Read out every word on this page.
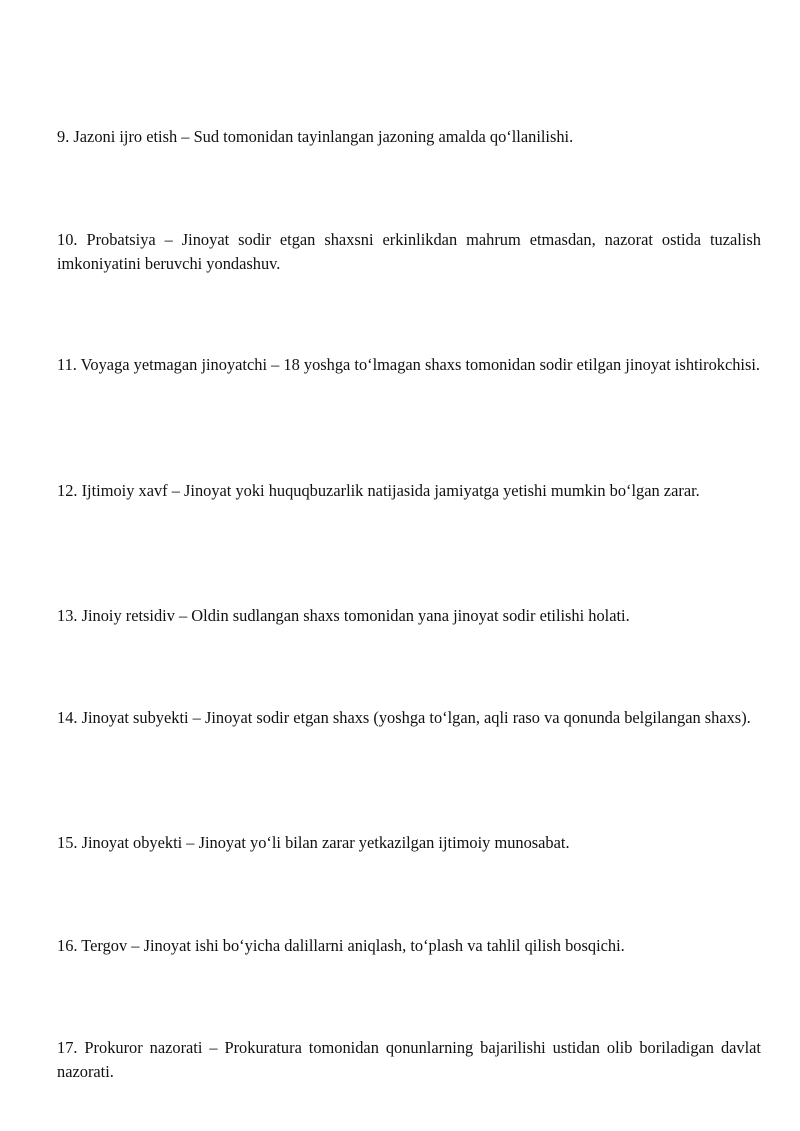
9. Jazoni ijro etish – Sud tomonidan tayinlangan jazoning amalda qo‘llanilishi.

10. Probatsiya – Jinoyat sodir etgan shaxsni erkinlikdan mahrum etmasdan, nazorat ostida tuzalish imkoniyatini beruvchi yondashuv.

11. Voyaga yetmagan jinoyatchi – 18 yoshga to‘lmagan shaxs tomonidan sodir etilgan jinoyat ishtirokchisi.

12. Ijtimoiy xavf – Jinoyat yoki huquqbuzarlik natijasida jamiyatga yetishi mumkin bo‘lgan zarar.

13. Jinoiy retsidiv – Oldin sudlangan shaxs tomonidan yana jinoyat sodir etilishi holati.

14. Jinoyat subyekti – Jinoyat sodir etgan shaxs (yoshga to‘lgan, aqli raso va qonunda belgilangan shaxs).

15. Jinoyat obyekti – Jinoyat yo‘li bilan zarar yetkazilgan ijtimoiy munosabat.

16. Tergov – Jinoyat ishi bo‘yicha dalillarni aniqlash, to‘plash va tahlil qilish bosqichi.

17. Prokuror nazorati – Prokuratura tomonidan qonunlarning bajarilishi ustidan olib boriladigan davlat nazorati.
